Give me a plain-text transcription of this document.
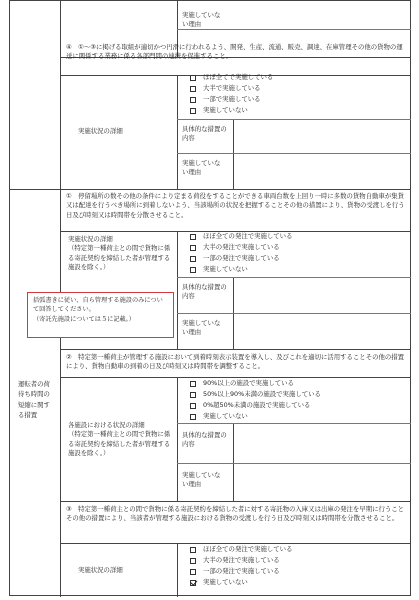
実施していない理由
④　①～③に掲げる取組が適切かつ円滑に行われるよう、開発、生産、流通、販売、調達、在庫管理その他の貨物の運送に関係する業務に係る各部門間の連携を促進すること。
実施状況の詳細
ほぼ全てで実施している
大半で実施している
一部で実施している
実施していない
具体的な措置の内容
実施していない理由
運転者の荷待ち時間の短縮に関する措置
①　停留場所の数その他の条件により定まる荷役をすることができる車両台数を上回り一時に多数の貨物自動車が集貨又は配達を行うべき場所に到着しないよう、当該場所の状況を把握することその他の措置により、貨物の受渡しを行う日及び時刻又は時間帯を分散させること。
実施状況の詳細
（特定第一種荷主との間で貨物に係る寄託契約を締結した者が管理する施設を除く。）
ほぼ全ての発注で実施している
大半の発注で実施している
一部の発注で実施している
実施していない
具体的な措置の内容
実施していない理由
②　特定第一種荷主が管理する施設において到着時刻表示装置を導入し、及びこれを適切に活用することその他の措置により、貨物自動車の到着の日及び時刻又は時間帯を調整すること。
各施設における状況の詳細
（特定第一種荷主との間で貨物に係る寄託契約を締結した者が管理する施設を除く。）
90%以上の施設で実施している
50%以上90%未満の施設で実施している
0%超50%未満の施設で実施している
実施していない
具体的な措置の内容
実施していない理由
③　特定第一種荷主との間で貨物に係る寄託契約を締結した者に対する寄託物の入庫又は出庫の発注を早期に行うことその他の措置により、当該者が管理する施設における貨物の受渡しを行う日及び時刻又は時間帯を分散させること。
実施状況の詳細
ほぼ全ての発注で実施している
大半の発注で実施している
一部の発注で実施している
実施していない
括弧書きに従い、自ら管理する施設のみについて回答してください。
（寄託先施設については５に記載。）
